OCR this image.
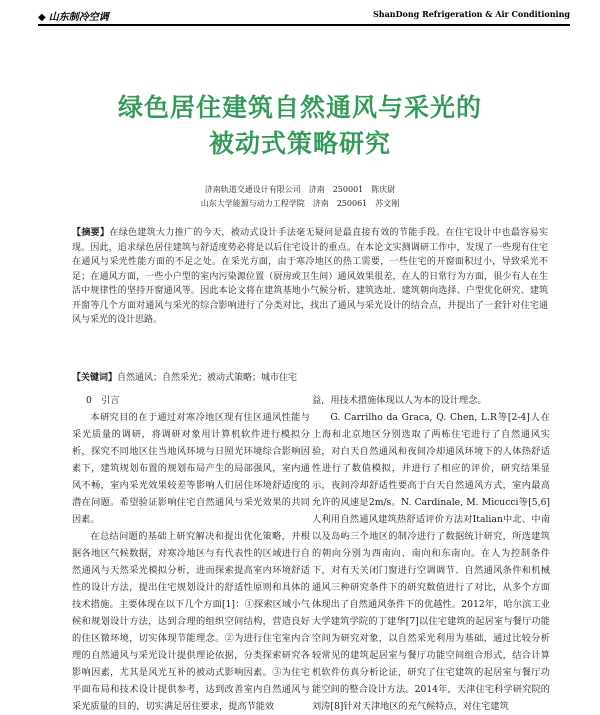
◆ 山东制冷空调	ShanDong Refrigeration & Air Conditioning
绿色居住建筑自然通风与采光的
被动式策略研究
济南轨道交通设计有限公司　济南　250001　陈庆尉
山东大学能源与动力工程学院　济南　250061　苏文刚
【摘要】在绿色建筑大力推广的今天，被动式设计手法毫无疑问是最直接有效的节能手段。在住宅设计中也最容易实现。因此，追求绿色居住建筑与舒适度势必将是以后住宅设计的重点。在本论文实测调研工作中，发现了一些现有住宅在通风与采光性能方面的不足之处。在采光方面，由于寒冷地区的热工需要，一些住宅的开窗面积过小，导致采光不足；在通风方面，一些小户型的室内污染源位置（厨房或卫生间）通风效果很差，在人的日常行为方面，很少有人在生活中规律性的坚持开窗通风等。因此本论文将在建筑基地小气候分析、建筑选址、建筑朝向选择、户型优化研究、建筑开窗等几个方面对通风与采光的综合影响进行了分类对比，找出了通风与采光设计的结合点，并提出了一套针对住宅通风与采光的设计思路。
【关键词】自然通风；自然采光；被动式策略；城市住宅

0　引言

本研究目的在于通过对寒冷地区现有住区通风性能与采光质量的调研，将调研对象用计算机软件进行模拟分析，探究不同地区住当地风环境与日照光环境综合影响因素下，建筑规划布置的规划布局产生的局部强风，室内通风不畅，室内采光效果较差等影响人们居住环境舒适度的潜在问题。希望验证影响住宅自然通风与采光效果的共同因素。

在总结问题的基础上研究解决和提出优化策略，并根据各地区气候数据，对寒冷地区与有代表性的区域进行自然通风与天然采光模拟分析，进而探索提高室内环境舒适性的设计方法，提出住宅规划设计的舒适性原则和具体的技术措施。主要体现在以下几个方面[1]：①探索区域小气候和规划设计方法，达到合理的组织空间结构，营造良好的住区微环境，切实体现节能理念。②为进行住宅室内合理的自然通风与采光设计提供理论依据，分类探索研究各影响因素，尤其是风光互补的被动式影响因素。③为住宅平面布局和技术设计提供参考，达到改善室内自然通风与采光质量的目的，切实满足居住要求，提高节能效

益，用技术措施体现以人为本的设计理念。

G. Carrilho da Graca, Q. Chen, L.R等[2-4]人在上海和北京地区分别选取了两栋住宅进行了自然通风实验，对白天自然通风和夜间冷却通风环境下的人体热舒适性进行了数值模拟，并进行了相应的评价，研究结果显示，夜间冷却舒适性要高于白天自然通风方式，室内最高允许的风速是2m/s。N. Cardinale, M. Micucci等[5,6]人利用自然通风建筑热舒适评价方法对Italian中北、中南以及岛屿三个地区的制冷进行了数据统计研究，所选建筑的朝向分别为西南向、南向和东南向。在人为控制条件下，对有天关闭门窗进行空调调节、自然通风条件和机械通风三种研究条件下的研究数值进行了对比，从多个方面体现出了自然通风条件下的优越性。2012年，哈尔滨工业大学建筑学院的丁建华[7]以住宅建筑的起居室与餐厅功能空间为研究对象，以自然采光利用为基础，通过比较分析较常见的建筑起居室与餐厅功能空间组合形式，结合计算机软件仿真分析论证，研究了住宅建筑的起居室与餐厅功能空间的整合设计方法。2014年，天津住宅科学研究院的刘涛[8]针对天津地区的充气候特点，对住宅建筑
